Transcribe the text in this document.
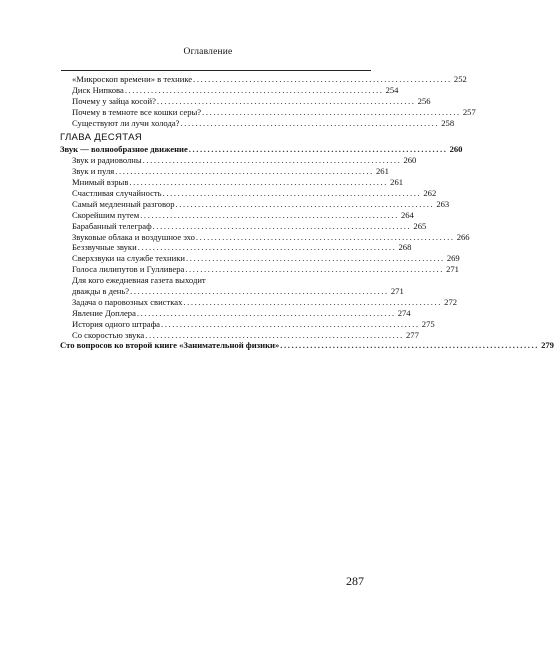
Оглавление
«Микроскоп времени» в технике ..................................................................... 252
Диск Нипкова ..................................................................... 254
Почему у зайца косой? ..................................................................... 256
Почему в темноте все кошки серы? ..................................................................... 257
Существуют ли лучи холода? ..................................................................... 258
ГЛАВА ДЕСЯТАЯ
Звук — волнообразное движение ..................................................................... 260
Звук и радиоволны ..................................................................... 260
Звук и пуля ..................................................................... 261
Мнимый взрыв ..................................................................... 261
Счастливая случайность ..................................................................... 262
Самый медленный разговор ..................................................................... 263
Скорейшим путем ..................................................................... 264
Барабанный телеграф ..................................................................... 265
Звуковые облака и воздушное эхо ..................................................................... 266
Беззвучные звуки ..................................................................... 268
Сверхзвуки на службе техники ..................................................................... 269
Голоса лилипутов и Гулливера ..................................................................... 271
Для кого ежедневная газета выходит
дважды в день? ..................................................................... 271
Задача о паровозных свистках ..................................................................... 272
Явление Доплера ..................................................................... 274
История одного штрафа ..................................................................... 275
Со скоростью звука ..................................................................... 277
Сто вопросов ко второй книге «Занимательной физики» ..................................................................... 279
287
